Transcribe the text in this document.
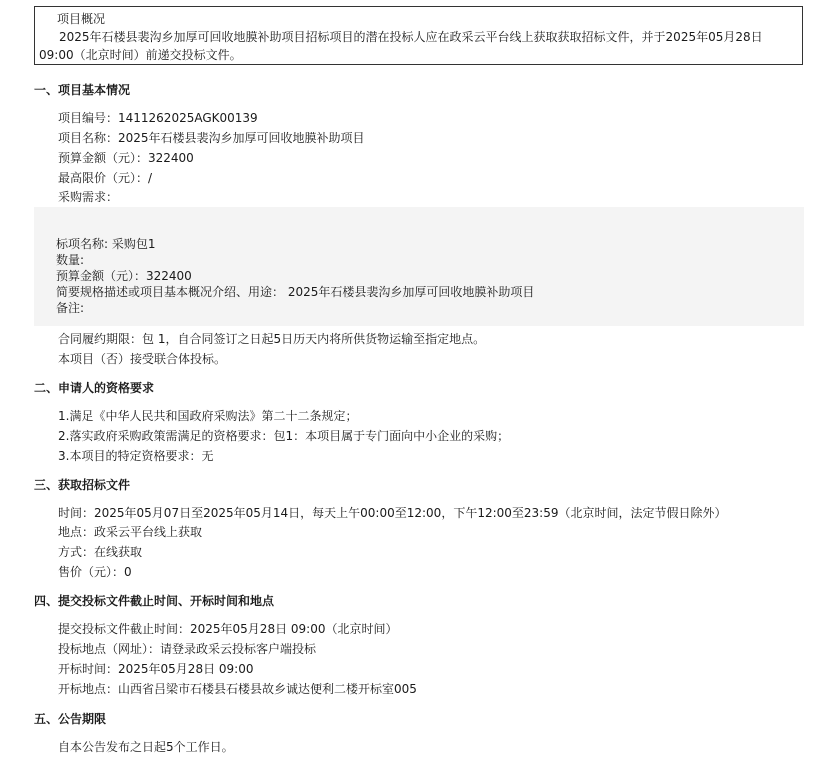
项目概况
2025年石楼县裴沟乡加厚可回收地膜补助项目招标项目的潜在投标人应在政采云平台线上获取获取招标文件，并于2025年05月28日 09:00（北京时间）前递交投标文件。
一、项目基本情况
项目编号：1411262025AGK00139
项目名称：2025年石楼县裴沟乡加厚可回收地膜补助项目
预算金额（元）：322400
最高限价（元）：/
采购需求：
标项名称: 采购包1
数量:
预算金额（元）：322400
简要规格描述或项目基本概况介绍、用途： 2025年石楼县裴沟乡加厚可回收地膜补助项目
备注:
合同履约期限：包 1，自合同签订之日起5日历天内将所供货物运输至指定地点。
本项目（否）接受联合体投标。
二、申请人的资格要求
1.满足《中华人民共和国政府采购法》第二十二条规定；
2.落实政府采购政策需满足的资格要求：包1：本项目属于专门面向中小企业的采购；
3.本项目的特定资格要求：无
三、获取招标文件
时间：2025年05月07日至2025年05月14日，每天上午00:00至12:00，下午12:00至23:59（北京时间，法定节假日除外）
地点：政采云平台线上获取
方式：在线获取
售价（元）：0
四、提交投标文件截止时间、开标时间和地点
提交投标文件截止时间：2025年05月28日 09:00（北京时间）
投标地点（网址）：请登录政采云投标客户端投标
开标时间：2025年05月28日 09:00
开标地点：山西省吕梁市石楼县石楼县故乡诚达便利二楼开标室005
五、公告期限
自本公告发布之日起5个工作日。
